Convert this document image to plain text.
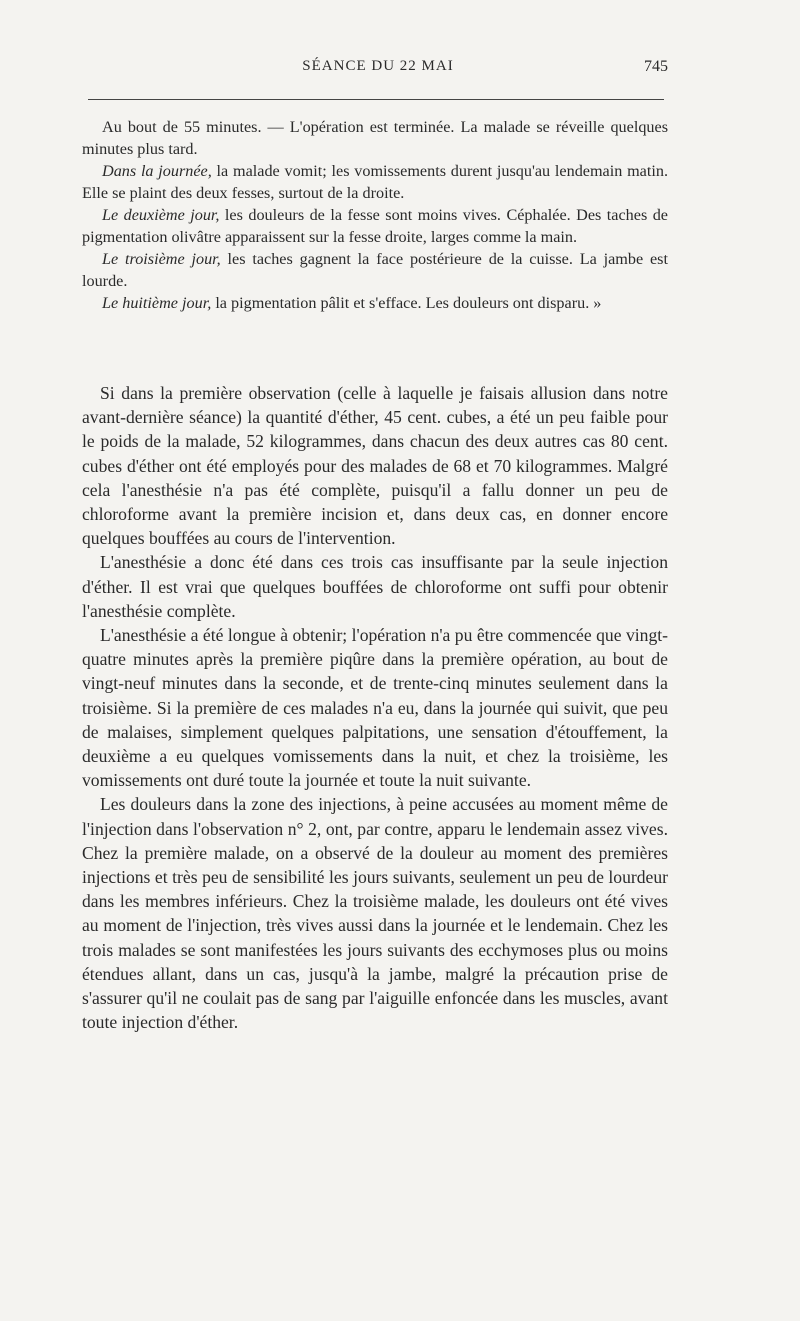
SÉANCE DU 22 MAI	745

Au bout de 55 minutes. — L'opération est terminée. La malade se réveille quelques minutes plus tard.

Dans la journée, la malade vomit; les vomissements durent jusqu'au lendemain matin. Elle se plaint des deux fesses, surtout de la droite.

Le deuxième jour, les douleurs de la fesse sont moins vives. Céphalée. Des taches de pigmentation olivâtre apparaissent sur la fesse droite, larges comme la main.

Le troisième jour, les taches gagnent la face postérieure de la cuisse. La jambe est lourde.

Le huitième jour, la pigmentation pâlit et s'efface. Les douleurs ont disparu. »

Si dans la première observation (celle à laquelle je faisais allusion dans notre avant-dernière séance) la quantité d'éther, 45 cent. cubes, a été un peu faible pour le poids de la malade, 52 kilogrammes, dans chacun des deux autres cas 80 cent. cubes d'éther ont été employés pour des malades de 68 et 70 kilogrammes. Malgré cela l'anesthésie n'a pas été complète, puisqu'il a fallu donner un peu de chloroforme avant la première incision et, dans deux cas, en donner encore quelques bouffées au cours de l'intervention.

L'anesthésie a donc été dans ces trois cas insuffisante par la seule injection d'éther. Il est vrai que quelques bouffées de chloroforme ont suffi pour obtenir l'anesthésie complète.

L'anesthésie a été longue à obtenir; l'opération n'a pu être commencée que vingt-quatre minutes après la première piqûre dans la première opération, au bout de vingt-neuf minutes dans la seconde, et de trente-cinq minutes seulement dans la troisième. Si la première de ces malades n'a eu, dans la journée qui suivit, que peu de malaises, simplement quelques palpitations, une sensation d'étouffement, la deuxième a eu quelques vomissements dans la nuit, et chez la troisième, les vomissements ont duré toute la journée et toute la nuit suivante.

Les douleurs dans la zone des injections, à peine accusées au moment même de l'injection dans l'observation n° 2, ont, par contre, apparu le lendemain assez vives. Chez la première malade, on a observé de la douleur au moment des premières injections et très peu de sensibilité les jours suivants, seulement un peu de lourdeur dans les membres inférieurs. Chez la troisième malade, les douleurs ont été vives au moment de l'injection, très vives aussi dans la journée et le lendemain. Chez les trois malades se sont manifestées les jours suivants des ecchymoses plus ou moins étendues allant, dans un cas, jusqu'à la jambe, malgré la précaution prise de s'assurer qu'il ne coulait pas de sang par l'aiguille enfoncée dans les muscles, avant toute injection d'éther.
